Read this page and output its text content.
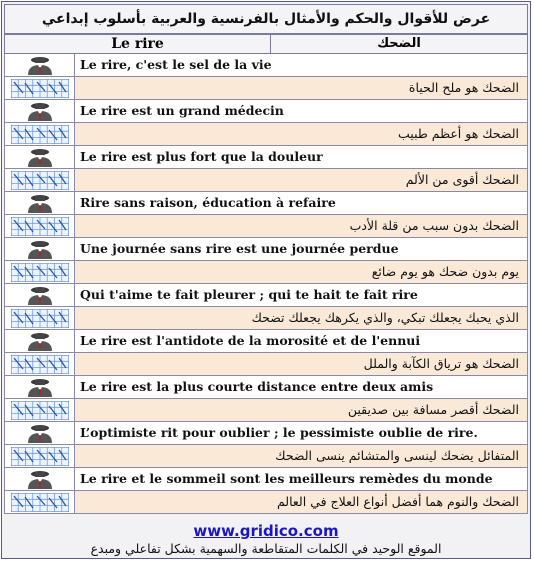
عرض للأقوال والحكم والأمثال بالفرنسية والعربية بأسلوب إبداعي
Le rire	الضحك
Le rire, c'est le sel de la vie
الضحك هو ملح الحياة
Le rire est un grand médecin
الضحك هو أعظم طبيب
Le rire est plus fort que la douleur
الضحك أقوى من الألم
Rire sans raison, éducation à refaire
الضحك بدون سبب من قلة الأدب
Une journée sans rire est une journée perdue
يوم بدون ضحك هو يوم ضائع
Qui t'aime te fait pleurer ; qui te hait te fait rire
الذي يحبك يجعلك تبكي، والذي يكرهك يجعلك تضحك
Le rire est l'antidote de la morosité et de l'ennui
الضحك هو ترياق الكآبة والملل
Le rire est la plus courte distance entre deux amis
الضحك أقصر مسافة بين صديقين
L’optimiste rit pour oublier ; le pessimiste oublie de rire.
المتفائل يضحك لينسى والمتشائم ينسى الضحك
Le rire et le sommeil sont les meilleurs remèdes du monde
الضحك والنوم هما أفضل أنواع العلاج في العالم
www.gridico.com
الموقع الوحيد في الكلمات المتقاطعة والسهمية بشكل تفاعلي ومبدع
